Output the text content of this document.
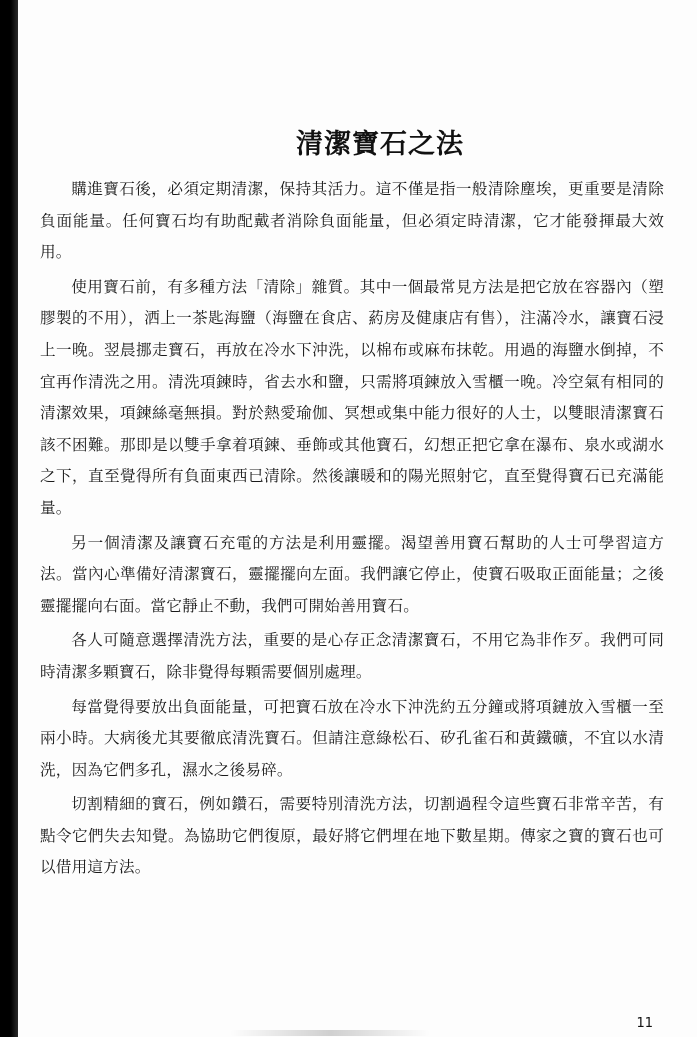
清潔寶石之法

購進寶石後，必須定期清潔，保持其活力。這不僅是指一般清除塵埃，更重要是清除負面能量。任何寶石均有助配戴者消除負面能量，但必須定時清潔，它才能發揮最大效用。

使用寶石前，有多種方法「清除」雜質。其中一個最常見方法是把它放在容器內（塑膠製的不用），洒上一茶匙海鹽（海鹽在食店、葯房及健康店有售），注滿冷水，讓寶石浸上一晚。翌晨挪走寶石，再放在冷水下沖洗，以棉布或麻布抹乾。用過的海鹽水倒掉，不宜再作清洗之用。清洗項鍊時，省去水和鹽，只需將項鍊放入雪櫃一晚。冷空氣有相同的清潔效果，項鍊絲毫無損。對於熱愛瑜伽、冥想或集中能力很好的人士，以雙眼清潔寶石該不困難。那即是以雙手拿着項鍊、垂飾或其他寶石，幻想正把它拿在瀑布、泉水或湖水之下，直至覺得所有負面東西已清除。然後讓暖和的陽光照射它，直至覺得寶石已充滿能量。

另一個清潔及讓寶石充電的方法是利用靈擺。渴望善用寶石幫助的人士可學習這方法。當內心準備好清潔寶石，靈擺擺向左面。我們讓它停止，使寶石吸取正面能量；之後靈擺擺向右面。當它靜止不動，我們可開始善用寶石。

各人可隨意選擇清洗方法，重要的是心存正念清潔寶石，不用它為非作歹。我們可同時清潔多顆寶石，除非覺得每顆需要個別處理。

每當覺得要放出負面能量，可把寶石放在冷水下沖洗約五分鐘或將項鏈放入雪櫃一至兩小時。大病後尤其要徹底清洗寶石。但請注意綠松石、矽孔雀石和黃鐵礦，不宜以水清洗，因為它們多孔，濕水之後易碎。

切割精細的寶石，例如鑽石，需要特別清洗方法，切割過程令這些寶石非常辛苦，有點令它們失去知覺。為協助它們復原，最好將它們埋在地下數星期。傳家之寶的寶石也可以借用這方法。

11
